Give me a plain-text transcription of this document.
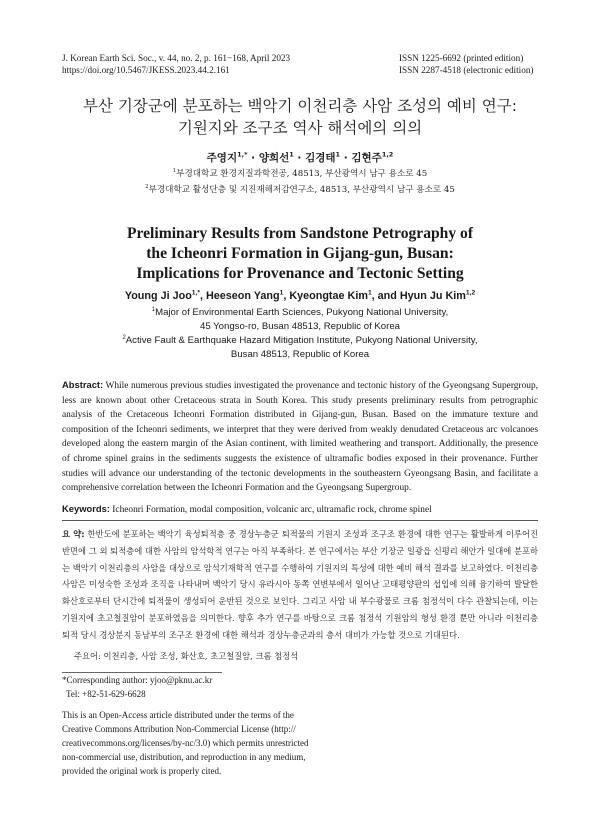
J. Korean Earth Sci. Soc., v. 44, no. 2, p. 161−168, April 2023
https://doi.org/10.5467/JKESS.2023.44.2.161
ISSN 1225-6692 (printed edition)
ISSN 2287-4518 (electronic edition)
부산 기장군에 분포하는 백악기 이천리층 사암 조성의 예비 연구:
기원지와 조구조 역사 해석에의 의의
주영지$^{1,*}$ · 양희선$^1$ · 김경태$^1$ · 김현주$^{1,2}$
$^1$부경대학교 환경지질과학전공, 48513, 부산광역시 남구 용소로 45
$^2$부경대학교 활성단층 및 지진재해저감연구소, 48513, 부산광역시 남구 용소로 45
Preliminary Results from Sandstone Petrography of
the Icheonri Formation in Gijang-gun, Busan:
Implications for Provenance and Tectonic Setting
Young Ji Joo$^{1,*}$, Heeseon Yang$^1$, Kyeongtae Kim$^1$, and Hyun Ju Kim$^{1,2}$
$^1$Major of Environmental Earth Sciences, Pukyong National University,
45 Yongso-ro, Busan 48513, Republic of Korea
$^2$Active Fault & Earthquake Hazard Mitigation Institute, Pukyong National University,
Busan 48513, Republic of Korea
Abstract: While numerous previous studies investigated the provenance and tectonic history of the Gyeongsang Supergroup, less are known about other Cretaceous strata in South Korea. This study presents preliminary results from petrographic analysis of the Cretaceous Icheonri Formation distributed in Gijang-gun, Busan. Based on the immature texture and composition of the Icheonri sediments, we interpret that they were derived from weakly denudated Cretaceous arc volcanoes developed along the eastern margin of the Asian continent, with limited weathering and transport. Additionally, the presence of chrome spinel grains in the sediments suggests the existence of ultramafic bodies exposed in their provenance. Further studies will advance our understanding of the tectonic developments in the southeastern Gyeongsang Basin, and facilitate a comprehensive correlation between the Icheonri Formation and the Gyeongsang Supergroup.
Keywords: Icheonri Formation, modal composition, volcanic arc, ultramafic rock, chrome spinel
요 약: 한반도에 분포하는 백악기 육성퇴적층 중 경상누층군 퇴적물의 기원지 조성과 조구조 환경에 대한 연구는 활발하게 이루어진 반면에 그 외 퇴적층에 대한 사암의 암석학적 연구는 아직 부족하다. 본 연구에서는 부산 기장군 일광읍 신평리 해안가 일대에 분포하는 백악기 이천리층의 사암을 대상으로 암석기재학적 연구를 수행하여 기원지의 특성에 대한 예비 해석 결과를 보고하였다. 이천리층 사암은 미성숙한 조성과 조직을 나타내며 백악기 당시 유라시아 동쪽 연변부에서 일어난 고태평양판의 섭입에 의해 융기하여 발달한 화산호로부터 단시간에 퇴적물이 생성되어 운반된 것으로 보인다. 그리고 사암 내 부수광물로 크롬 첨정석이 다수 관찰되는데, 이는 기원지에 초고철질암이 분포하였음을 의미한다. 향후 추가 연구를 바탕으로 크롬 첨정석 기원암의 형성 환경 뿐만 아니라 이천리층 퇴적 당시 경상분지 동남부의 조구조 환경에 대한 해석과 경상누층군과의 층서 대비가 가능할 것으로 기대된다.
주요어: 이천리층, 사암 조성, 화산호, 초고철질암, 크롬 첨정석
*Corresponding author: yjoo@pknu.ac.kr
Tel: +82-51-629-6628
This is an Open-Access article distributed under the terms of the
Creative Commons Attribution Non-Commercial License (http://
creativecommons.org/licenses/by-nc/3.0) which permits unrestricted
non-commercial use, distribution, and reproduction in any medium,
provided the original work is properly cited.
